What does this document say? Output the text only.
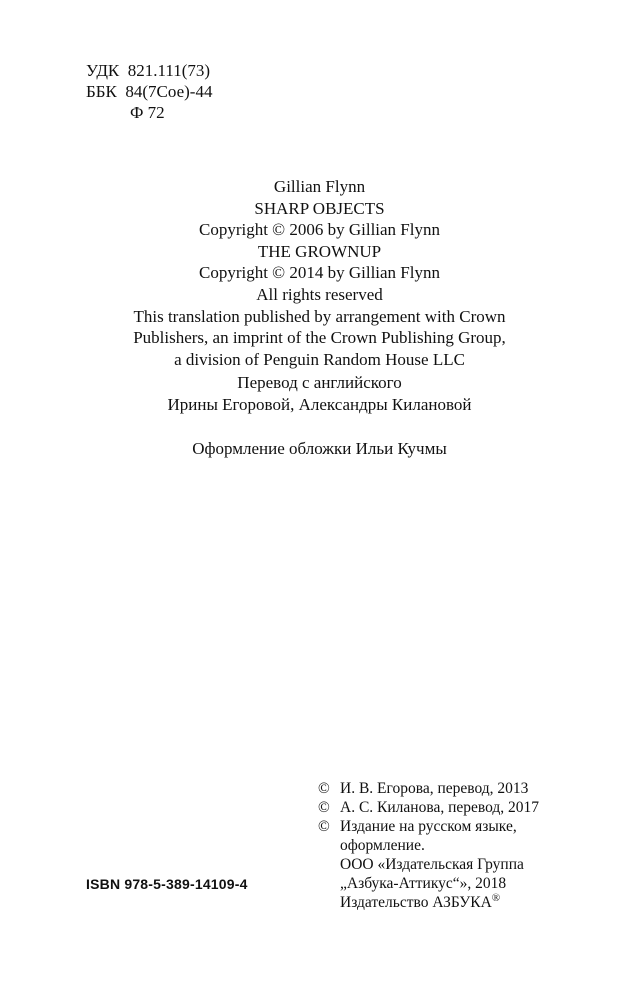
УДК  821.111(73)
ББК  84(7Сое)-44
Ф 72
Gillian Flynn
SHARP OBJECTS
Copyright © 2006 by Gillian Flynn
THE GROWNUP
Copyright © 2014 by Gillian Flynn
All rights reserved
This translation published by arrangement with Crown
Publishers, an imprint of the Crown Publishing Group,
a division of Penguin Random House LLC
Перевод с английского
Ирины Егоровой, Александры Килановой
Оформление обложки Ильи Кучмы
© И. В. Егорова, перевод, 2013
© А. С. Киланова, перевод, 2017
© Издание на русском языке,
оформление.
ООО «Издательская Группа
„Азбука-Аттикус“», 2018
Издательство АЗБУКА®
ISBN 978-5-389-14109-4
